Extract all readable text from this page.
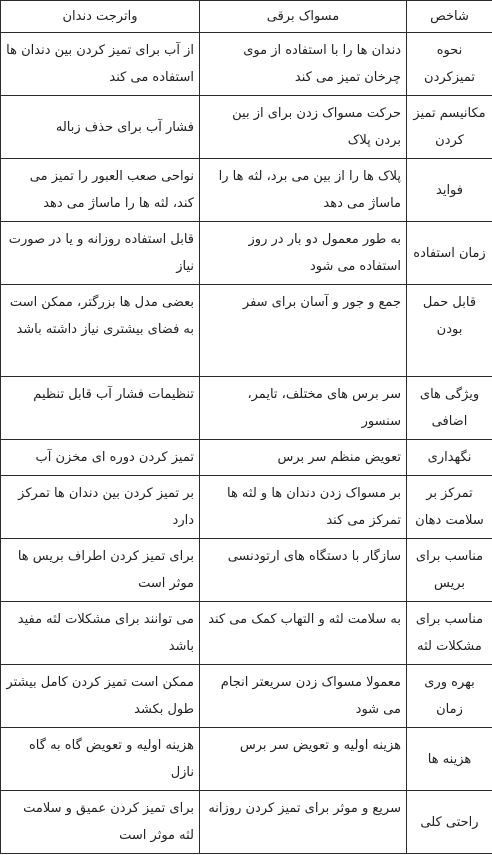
شاخص	مسواک برقی	واترجت دندان
نحوه تمیزکردن	دندان ها را با استفاده از موی چرخان تمیز می کند	از آب برای تمیز کردن بین دندان ها استفاده می کند
مکانیسم تمیز کردن	حرکت مسواک زدن برای از بین بردن پلاک	فشار آب برای حذف زباله
فواید	پلاک ها را از بین می برد، لثه ها را ماساژ می دهد	نواحی صعب العبور را تمیز می کند، لثه ها را ماساژ می دهد
زمان استفاده	به طور معمول دو بار در روز استفاده می شود	قابل استفاده روزانه و یا در صورت نیاز
قابل حمل بودن	جمع و جور و آسان برای سفر	بعضی مدل ها بزرگتر، ممکن است به فضای بیشتری نیاز داشته باشد
ویژگی های اضافی	سر برس های مختلف، تایمر، سنسور	تنظیمات فشار آب قابل تنظیم
نگهداری	تعویض منظم سر برس	تمیز کردن دوره ای مخزن آب
تمرکز بر سلامت دهان	بر مسواک زدن دندان ها و لثه ها تمرکز می کند	بر تمیز کردن بین دندان ها تمرکز دارد
مناسب برای بریس	سازگار با دستگاه های ارتودنسی	برای تمیز کردن اطراف بریس ها موثر است
مناسب برای مشکلات لثه	به سلامت لثه و التهاب کمک می کند	می توانند برای مشکلات لثه مفید باشد
بهره وری زمان	معمولا مسواک زدن سریعتر انجام می شود	ممکن است تمیز کردن کامل بیشتر طول بکشد
هزینه ها	هزینه اولیه و تعویض سر برس	هزینه اولیه و تعویض گاه به گاه نازل
راحتی کلی	سریع و موثر برای تمیز کردن روزانه	برای تمیز کردن عمیق و سلامت لثه موثر است
